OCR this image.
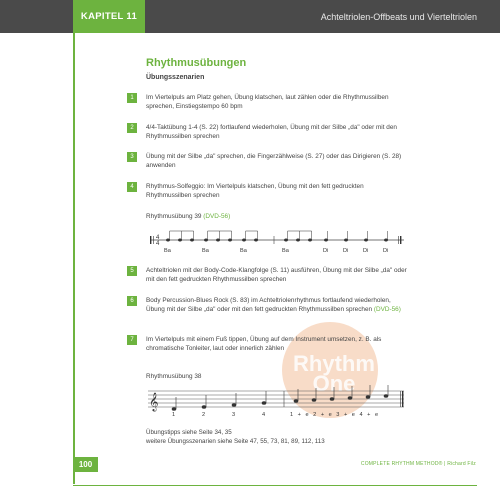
KAPITEL 11	Achteltriolen-Offbeats und Vierteltriolen
Rhythmusübungen
Übungsszenarien
1	Im Viertelpuls am Platz gehen, Übung klatschen, laut zählen oder die Rhythmussilben sprechen, Einstiegstempo 60 bpm
2	4/4-Taktübung 1-4 (S. 22) fortlaufend wiederholen, Übung mit der Silbe „da" oder mit den Rhythmussilben sprechen
3	Übung mit der Silbe „da" sprechen, die Fingerzählweise (S. 27) oder das Dirigieren (S. 28) anwenden
4	Rhythmus-Solfeggio: Im Viertelpuls klatschen, Übung mit den fett gedruckten Rhythmussilben sprechen
Rhythmusübung 39 (DVD-56)
4
4
Ba	Ba	Ba	Ba	Di	Di	Di	Di
5	Achteltriolen mit der Body-Code-Klangfolge (S. 11) ausführen, Übung mit der Silbe „da" oder mit den fett gedruckten Rhythmussilben sprechen
6	Body Percussion-Blues Rock (S. 83) im Achteltriolenrhythmus fortlaufend wiederholen, Übung mit der Silbe „da" oder mit den fett gedruckten Rhythmussilben sprechen (DVD-56)
Rhythm
One
7	Im Viertelpuls mit einem Fuß tippen, Übung auf dem Instrument umsetzen, z. B. als chromatische Tonleiter, laut oder innerlich zählen
Rhythmusübung 38
𝄞
1	2	3	4	1 + e 2 + e 3 + e 4 + e
Übungstipps siehe Seite 34, 35
weitere Übungsszenarien siehe Seite 47, 55, 73, 81, 89, 112, 113
100	COMPLETE RHYTHM METHOD® | Richard Filz
